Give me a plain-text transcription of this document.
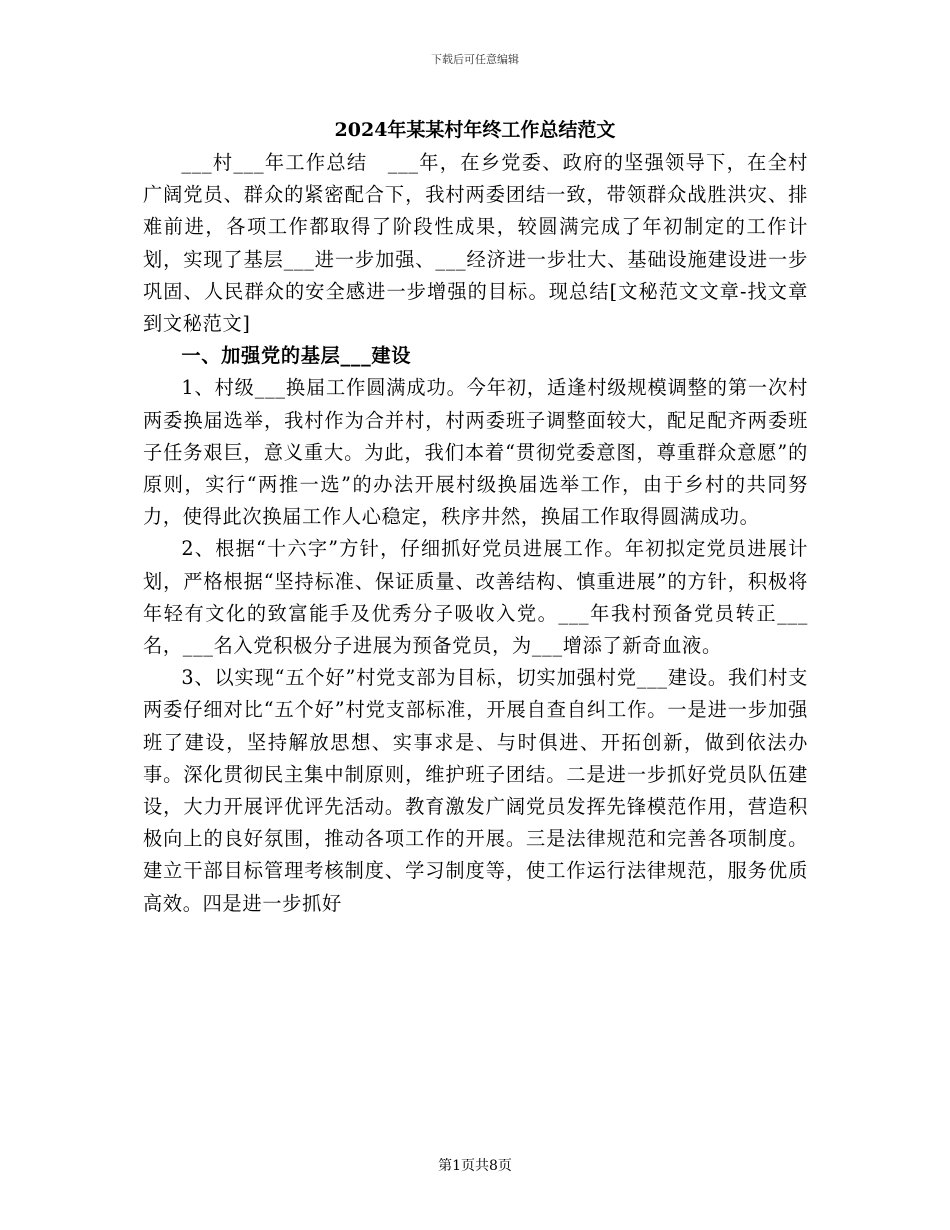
下载后可任意编辑
2024年某某村年终工作总结范文

___村___年工作总结　___年，在乡党委、政府的坚强领导下，在全村广阔党员、群众的紧密配合下，我村两委团结一致，带领群众战胜洪灾、排难前进，各项工作都取得了阶段性成果，较圆满完成了年初制定的工作计划，实现了基层___进一步加强、___经济进一步壮大、基础设施建设进一步巩固、人民群众的安全感进一步增强的目标。现总结[文秘范文文章-找文章到文秘范文]

一、加强党的基层___建设

1、村级___换届工作圆满成功。今年初，适逢村级规模调整的第一次村两委换届选举，我村作为合并村，村两委班子调整面较大，配足配齐两委班子任务艰巨，意义重大。为此，我们本着“贯彻党委意图，尊重群众意愿”的原则，实行“两推一选”的办法开展村级换届选举工作，由于乡村的共同努力，使得此次换届工作人心稳定，秩序井然，换届工作取得圆满成功。

2、根据“十六字”方针，仔细抓好党员进展工作。年初拟定党员进展计划，严格根据“坚持标准、保证质量、改善结构、慎重进展”的方针，积极将年轻有文化的致富能手及优秀分子吸收入党。___年我村预备党员转正___名，___名入党积极分子进展为预备党员，为___增添了新奇血液。

3、以实现“五个好”村党支部为目标，切实加强村党___建设。我们村支两委仔细对比“五个好”村党支部标准，开展自查自纠工作。一是进一步加强班了建设，坚持解放思想、实事求是、与时俱进、开拓创新，做到依法办事。深化贯彻民主集中制原则，维护班子团结。二是进一步抓好党员队伍建设，大力开展评优评先活动。教育激发广阔党员发挥先锋模范作用，营造积极向上的良好氛围，推动各项工作的开展。三是法律规范和完善各项制度。建立干部目标管理考核制度、学习制度等，使工作运行法律规范，服务优质高效。四是进一步抓好

第1页共8页
